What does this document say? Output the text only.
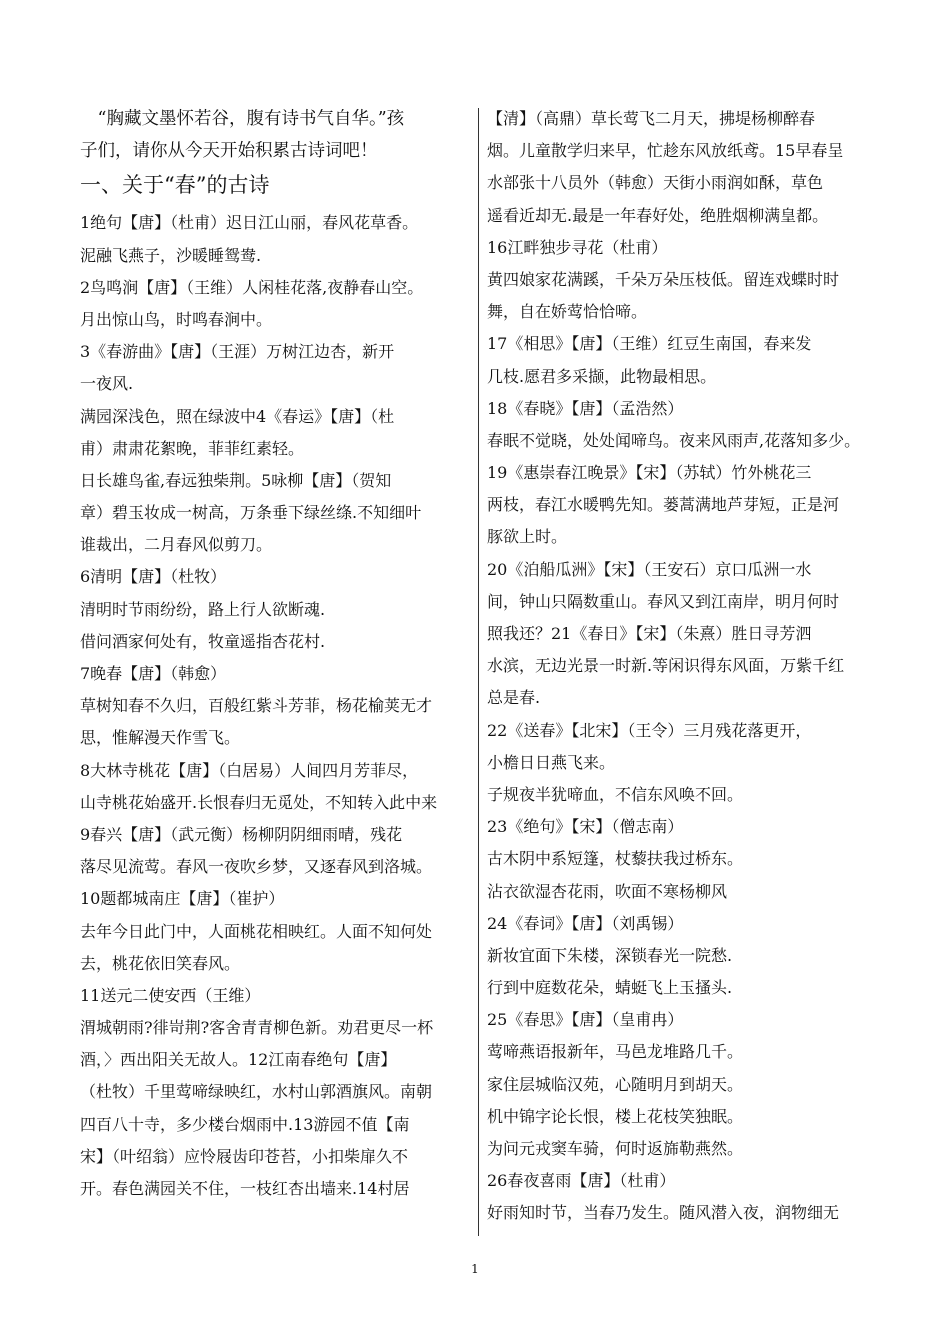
　“胸藏文墨怀若谷，腹有诗书气自华。”孩
子们，请你从今天开始积累古诗词吧！
一、关于“春”的古诗
1绝句【唐】（杜甫）迟日江山丽，春风花草香。
泥融飞燕子，沙暖睡鸳鸯.
2鸟鸣涧【唐】（王维）人闲桂花落,夜静春山空。
月出惊山鸟，时鸣春涧中。
3《春游曲》【唐】（王涯）万树江边杏，新开
一夜风.
满园深浅色，照在绿波中4《春运》【唐】（杜
甫）肃肃花絮晚，菲菲红素轻。
日长雄鸟雀,春远独柴荆。5咏柳【唐】（贺知
章）碧玉妆成一树高，万条垂下绿丝绦.不知细叶
谁裁出，二月春风似剪刀。
6清明【唐】（杜牧）
清明时节雨纷纷，路上行人欲断魂.
借问酒家何处有，牧童遥指杏花村.
7晚春【唐】（韩愈）
草树知春不久归，百般红紫斗芳菲，杨花榆荚无才
思，惟解漫天作雪飞。
8大林寺桃花【唐】（白居易）人间四月芳菲尽，
山寺桃花始盛开.长恨春归无觅处，不知转入此中来
9春兴【唐】（武元衡）杨柳阴阴细雨晴，残花
落尽见流莺。春风一夜吹乡梦，又逐春风到洛城。
10题都城南庄【唐】（崔护）
去年今日此门中，人面桃花相映红。人面不知何处
去，桃花依旧笑春风。
11送元二使安西（王维）
渭城朝雨?徘岢荆?客舍青青柳色新。劝君更尽一杯
酒，〉西出阳关无故人。12江南春绝句【唐】
（杜牧）千里莺啼绿映红，水村山郭酒旗风。南朝
四百八十寺，多少楼台烟雨中.13游园不值【南
宋】（叶绍翁）应怜屐齿印苍苔，小扣柴扉久不
开。春色满园关不住，一枝红杏出墙来.14村居
【清】（高鼎）草长莺飞二月天，拂堤杨柳醉春
烟。儿童散学归来早，忙趁东风放纸鸢。15早春呈
水部张十八员外（韩愈）天街小雨润如酥，草色
遥看近却无.最是一年春好处，绝胜烟柳满皇都。
16江畔独步寻花（杜甫）
黄四娘家花满蹊，千朵万朵压枝低。留连戏蝶时时
舞，自在娇莺恰恰啼。
17《相思》【唐】（王维）红豆生南国，春来发
几枝.愿君多采撷，此物最相思。
18《春晓》【唐】（孟浩然）
春眠不觉晓，处处闻啼鸟。夜来风雨声,花落知多少。
19《惠崇春江晚景》【宋】（苏轼）竹外桃花三
两枝，春江水暖鸭先知。蒌蒿满地芦芽短，正是河
豚欲上时。
20《泊船瓜洲》【宋】（王安石）京口瓜洲一水
间，钟山只隔数重山。春风又到江南岸，明月何时
照我还？21《春日》【宋】（朱熹）胜日寻芳泗
水滨，无边光景一时新.等闲识得东风面，万紫千红
总是春.
22《送春》【北宋】（王令）三月残花落更开，
小檐日日燕飞来。
子规夜半犹啼血，不信东风唤不回。
23《绝句》【宋】（僧志南）
古木阴中系短篷，杖藜扶我过桥东。
沾衣欲湿杏花雨，吹面不寒杨柳风
24《春词》【唐】（刘禹锡）
新妆宜面下朱楼，深锁春光一院愁.
行到中庭数花朵，蜻蜓飞上玉搔头.
25《春思》【唐】（皇甫冉）
莺啼燕语报新年，马邑龙堆路几千。
家住层城临汉苑，心随明月到胡天。
机中锦字论长恨，楼上花枝笑独眠。
为问元戎窦车骑，何时返旆勒燕然。
26春夜喜雨【唐】（杜甫）
好雨知时节，当春乃发生。随风潜入夜，润物细无
1
